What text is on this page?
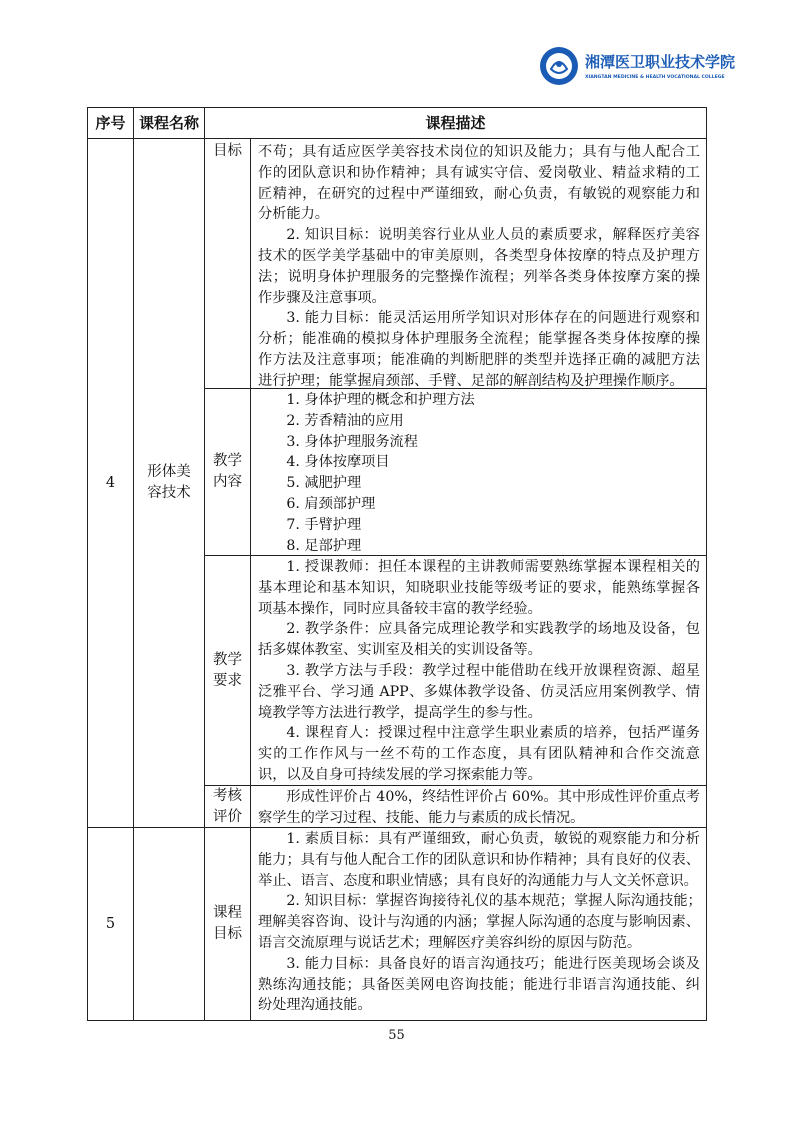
湘潭医卫职业技术学院
XIANGTAN MEDICINE & HEALTH VOCATIONAL COLLEGE
序号 课程名称	课程描述
4
形体美容技术
目标 不苟；具有适应医学美容技术岗位的知识及能力；具有与他人配合工
作的团队意识和协作精神；具有诚实守信、爱岗敬业、精益求精的工
匠精神，在研究的过程中严谨细致，耐心负责，有敏锐的观察能力和
分析能力。
2. 知识目标：说明美容行业从业人员的素质要求，解释医疗美容
技术的医学美学基础中的审美原则，各类型身体按摩的特点及护理方
法；说明身体护理服务的完整操作流程；列举各类身体按摩方案的操
作步骤及注意事项。
3. 能力目标：能灵活运用所学知识对形体存在的问题进行观察和
分析；能准确的模拟身体护理服务全流程；能掌握各类身体按摩的操
作方法及注意事项；能准确的判断肥胖的类型并选择正确的减肥方法
进行护理；能掌握肩颈部、手臂、足部的解剖结构及护理操作顺序。
教学内容
1. 身体护理的概念和护理方法
2. 芳香精油的应用
3. 身体护理服务流程
4. 身体按摩项目
5. 减肥护理
6. 肩颈部护理
7. 手臂护理
8. 足部护理
教学要求
1. 授课教师：担任本课程的主讲教师需要熟练掌握本课程相关的
基本理论和基本知识，知晓职业技能等级考证的要求，能熟练掌握各
项基本操作，同时应具备较丰富的教学经验。
2. 教学条件：应具备完成理论教学和实践教学的场地及设备，包
括多媒体教室、实训室及相关的实训设备等。
3. 教学方法与手段：教学过程中能借助在线开放课程资源、超星
泛雅平台、学习通 APP、多媒体教学设备、仿灵活应用案例教学、情
境教学等方法进行教学，提高学生的参与性。
4. 课程育人：授课过程中注意学生职业素质的培养，包括严谨务
实的工作作风与一丝不苟的工作态度，具有团队精神和合作交流意
识，以及自身可持续发展的学习探索能力等。
考核评价
形成性评价占 40%，终结性评价占 60%。其中形成性评价重点考
察学生的学习过程、技能、能力与素质的成长情况。
5
课程目标
1. 素质目标：具有严谨细致，耐心负责，敏锐的观察能力和分析
能力；具有与他人配合工作的团队意识和协作精神；具有良好的仪表、
举止、语言、态度和职业情感；具有良好的沟通能力与人文关怀意识。
2. 知识目标：掌握咨询接待礼仪的基本规范；掌握人际沟通技能；
理解美容咨询、设计与沟通的内涵；掌握人际沟通的态度与影响因素、
语言交流原理与说话艺术；理解医疗美容纠纷的原因与防范。
3. 能力目标：具备良好的语言沟通技巧；能进行医美现场会谈及
熟练沟通技能；具备医美网电咨询技能；能进行非语言沟通技能、纠
纷处理沟通技能。
55
